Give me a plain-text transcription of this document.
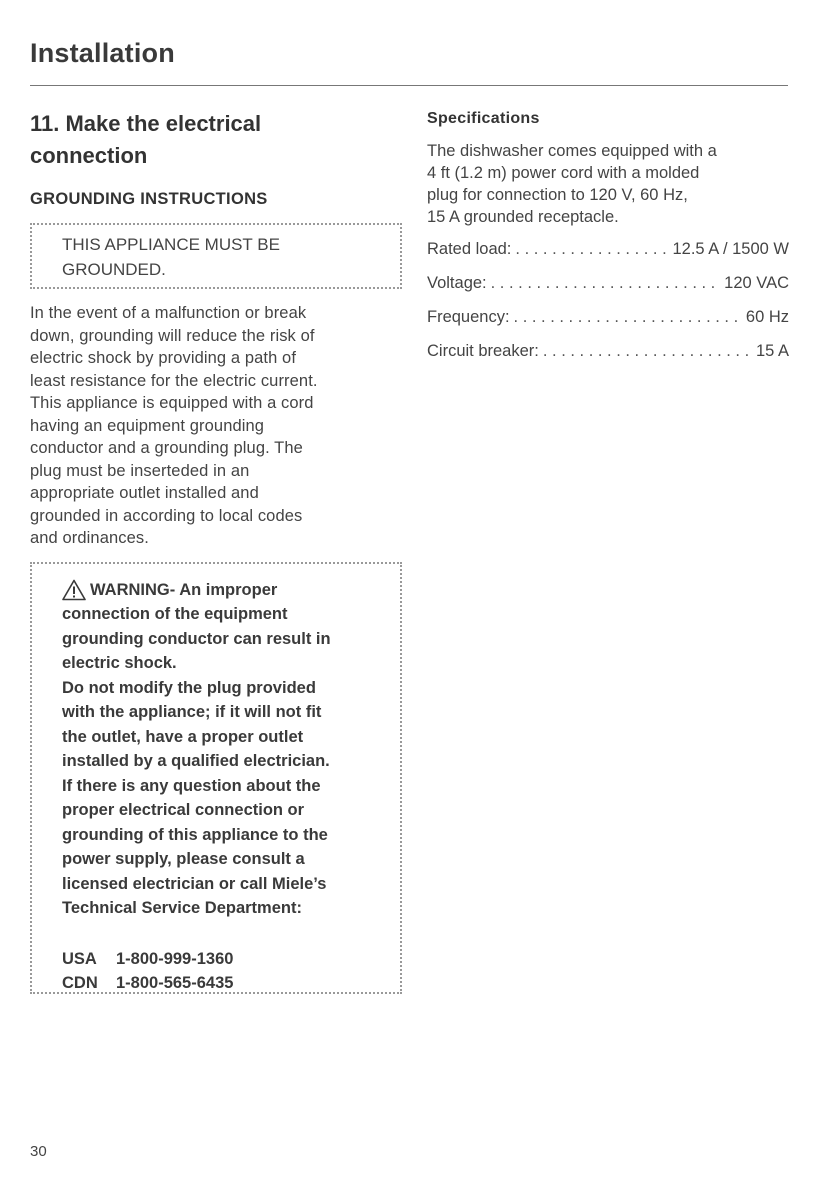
Installation
11. Make the electrical
connection
GROUNDING INSTRUCTIONS
THIS APPLIANCE MUST BE
GROUNDED.
In the event of a malfunction or break
down, grounding will reduce the risk of
electric shock by providing a path of
least resistance for the electric current.
This appliance is equipped with a cord
having an equipment grounding
conductor and a grounding plug. The
plug must be inserteded in an
appropriate outlet installed and
grounded in according to local codes
and ordinances.
WARNING- An improper
connection of the equipment
grounding conductor can result in
electric shock.
Do not modify the plug provided
with the appliance; if it will not fit
the outlet, have a proper outlet
installed by a qualified electrician.
If there is any question about the
proper electrical connection or
grounding of this appliance to the
power supply, please consult a
licensed electrician or call Miele’s
Technical Service Department:
USA	1-800-999-1360
CDN	1-800-565-6435
Specifications
The dishwasher comes equipped with a
4 ft (1.2 m) power cord with a molded
plug for connection to 120 V, 60 Hz,
15 A grounded receptacle.
Rated load: . . .	12.5 A / 1500 W
Voltage: . . .	120 VAC
Frequency: . . .	60 Hz
Circuit breaker: . . .	15 A
30
